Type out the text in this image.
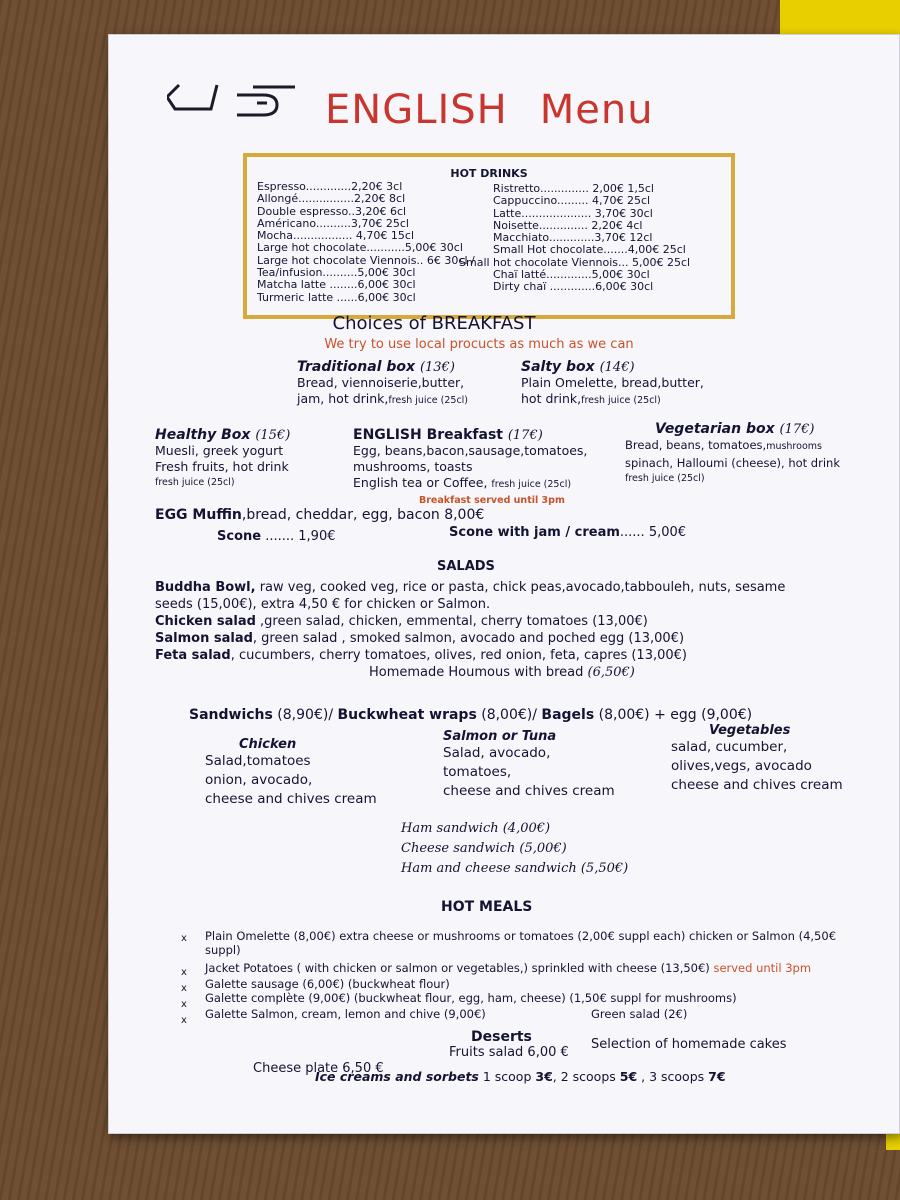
ENGLISH Menu
HOT DRINKS
Espresso.............2,20€ 3cl
Allongé................2,20€ 8cl
Double espresso..3,20€ 6cl
Américano..........3,70€ 25cl
Mocha................. 4,70€ 15cl
Large hot chocolate...........5,00€ 30cl
Large hot chocolate Viennois.. 6€ 30cl /
Tea/infusion..........5,00€ 30cl
Matcha latte ........6,00€ 30cl
Turmeric latte ......6,00€ 30cl
Ristretto.............. 2,00€ 1,5cl
Cappuccino......... 4,70€ 25cl
Latte.................... 3,70€ 30cl
Noisette.............. 2,20€ 4cl
Macchiato.............3,70€ 12cl
Small Hot chocolate.......4,00€ 25cl
Small hot chocolate Viennois... 5,00€ 25cl
Chaï latté.............5,00€ 30cl
Dirty chaï .............6,00€ 30cl
Choices of BREAKFAST
We try to use local procucts as much as we can
Traditional box (13€)
Bread, viennoiserie,butter,
jam, hot drink,fresh juice (25cl)
Salty box (14€)
Plain Omelette, bread,butter,
hot drink,fresh juice (25cl)
Healthy Box (15€)
Muesli, greek yogurt
Fresh fruits, hot drink
fresh juice (25cl)
ENGLISH Breakfast (17€)
Egg, beans,bacon,sausage,tomatoes,
mushrooms, toasts
English tea or Coffee, fresh juice (25cl)
Breakfast served until 3pm
Vegetarian box (17€)
Bread, beans, tomatoes,mushrooms
spinach, Halloumi (cheese), hot drink
fresh juice (25cl)
EGG Muffin,bread, cheddar, egg, bacon 8,00€
Scone ....... 1,90€	Scone with jam / cream...... 5,00€
SALADS
Buddha Bowl, raw veg, cooked veg, rice or pasta, chick peas,avocado,tabbouleh, nuts, sesame
seeds (15,00€), extra 4,50 € for chicken or Salmon.
Chicken salad ,green salad, chicken, emmental, cherry tomatoes (13,00€)
Salmon salad, green salad , smoked salmon, avocado and poched egg (13,00€)
Feta salad, cucumbers, cherry tomatoes, olives, red onion, feta, capres (13,00€)
Homemade Houmous with bread (6,50€)
Sandwichs (8,90€)/ Buckwheat wraps (8,00€)/ Bagels (8,00€) + egg (9,00€)
Chicken
Salad,tomatoes
onion, avocado,
cheese and chives cream
Salmon or Tuna
Salad, avocado,
tomatoes,
cheese and chives cream
Vegetables
salad, cucumber,
olives,vegs, avocado
cheese and chives cream
Ham sandwich (4,00€)
Cheese sandwich (5,00€)
Ham and cheese sandwich (5,50€)
HOT MEALS
x Plain Omelette (8,00€) extra cheese or mushrooms or tomatoes (2,00€ suppl each) chicken or Salmon (4,50€
suppl)
x Jacket Potatoes ( with chicken or salmon or vegetables,) sprinkled with cheese (13,50€) served until 3pm
x Galette sausage (6,00€) (buckwheat flour)
x Galette complète (9,00€) (buckwheat flour, egg, ham, cheese) (1,50€ suppl for mushrooms)
Green salad (2€)
x Galette Salmon, cream, lemon and chive (9,00€)
Deserts
Cheese plate 6,50 €
Fruits salad 6,00 €
Selection of homemade cakes
Ice creams and sorbets 1 scoop 3€, 2 scoops 5€ , 3 scoops 7€
